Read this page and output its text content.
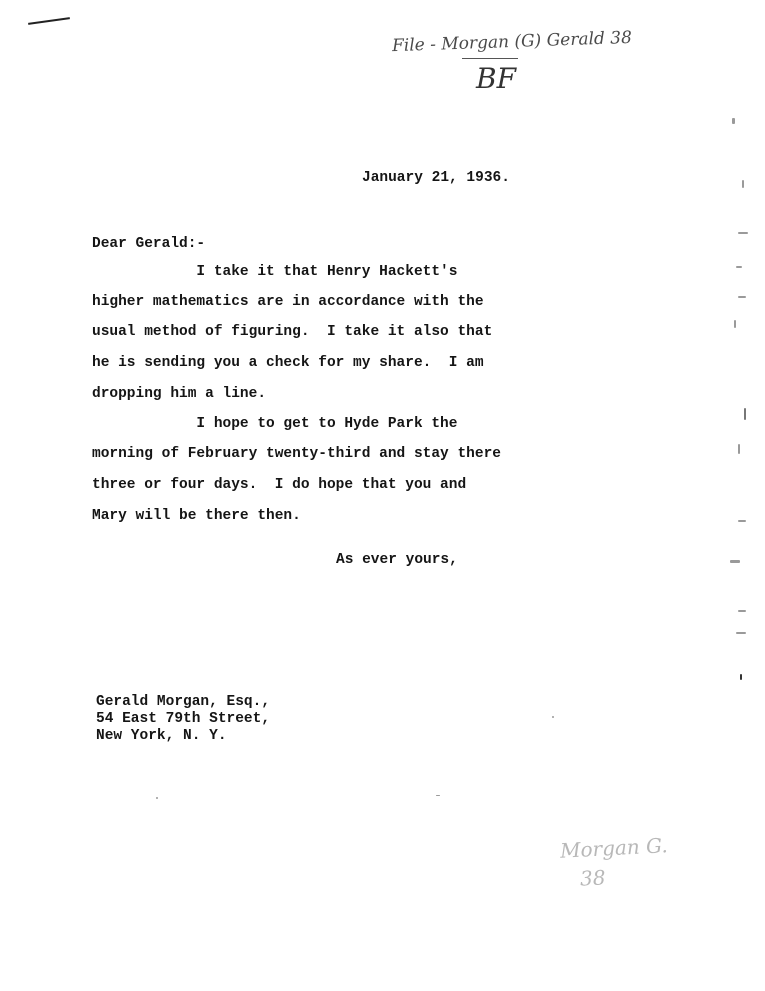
File - Morgan (G) Gerald 38
BF
January 21, 1936.
Dear Gerald:-
I take it that Henry Hackett's
higher mathematics are in accordance with the
usual method of figuring.  I take it also that
he is sending you a check for my share.  I am
dropping him a line.
I hope to get to Hyde Park the
morning of February twenty-third and stay there
three or four days.  I do hope that you and
Mary will be there then.
As ever yours,
Gerald Morgan, Esq.,
54 East 79th Street,
New York, N. Y.
Morgan G.
38
